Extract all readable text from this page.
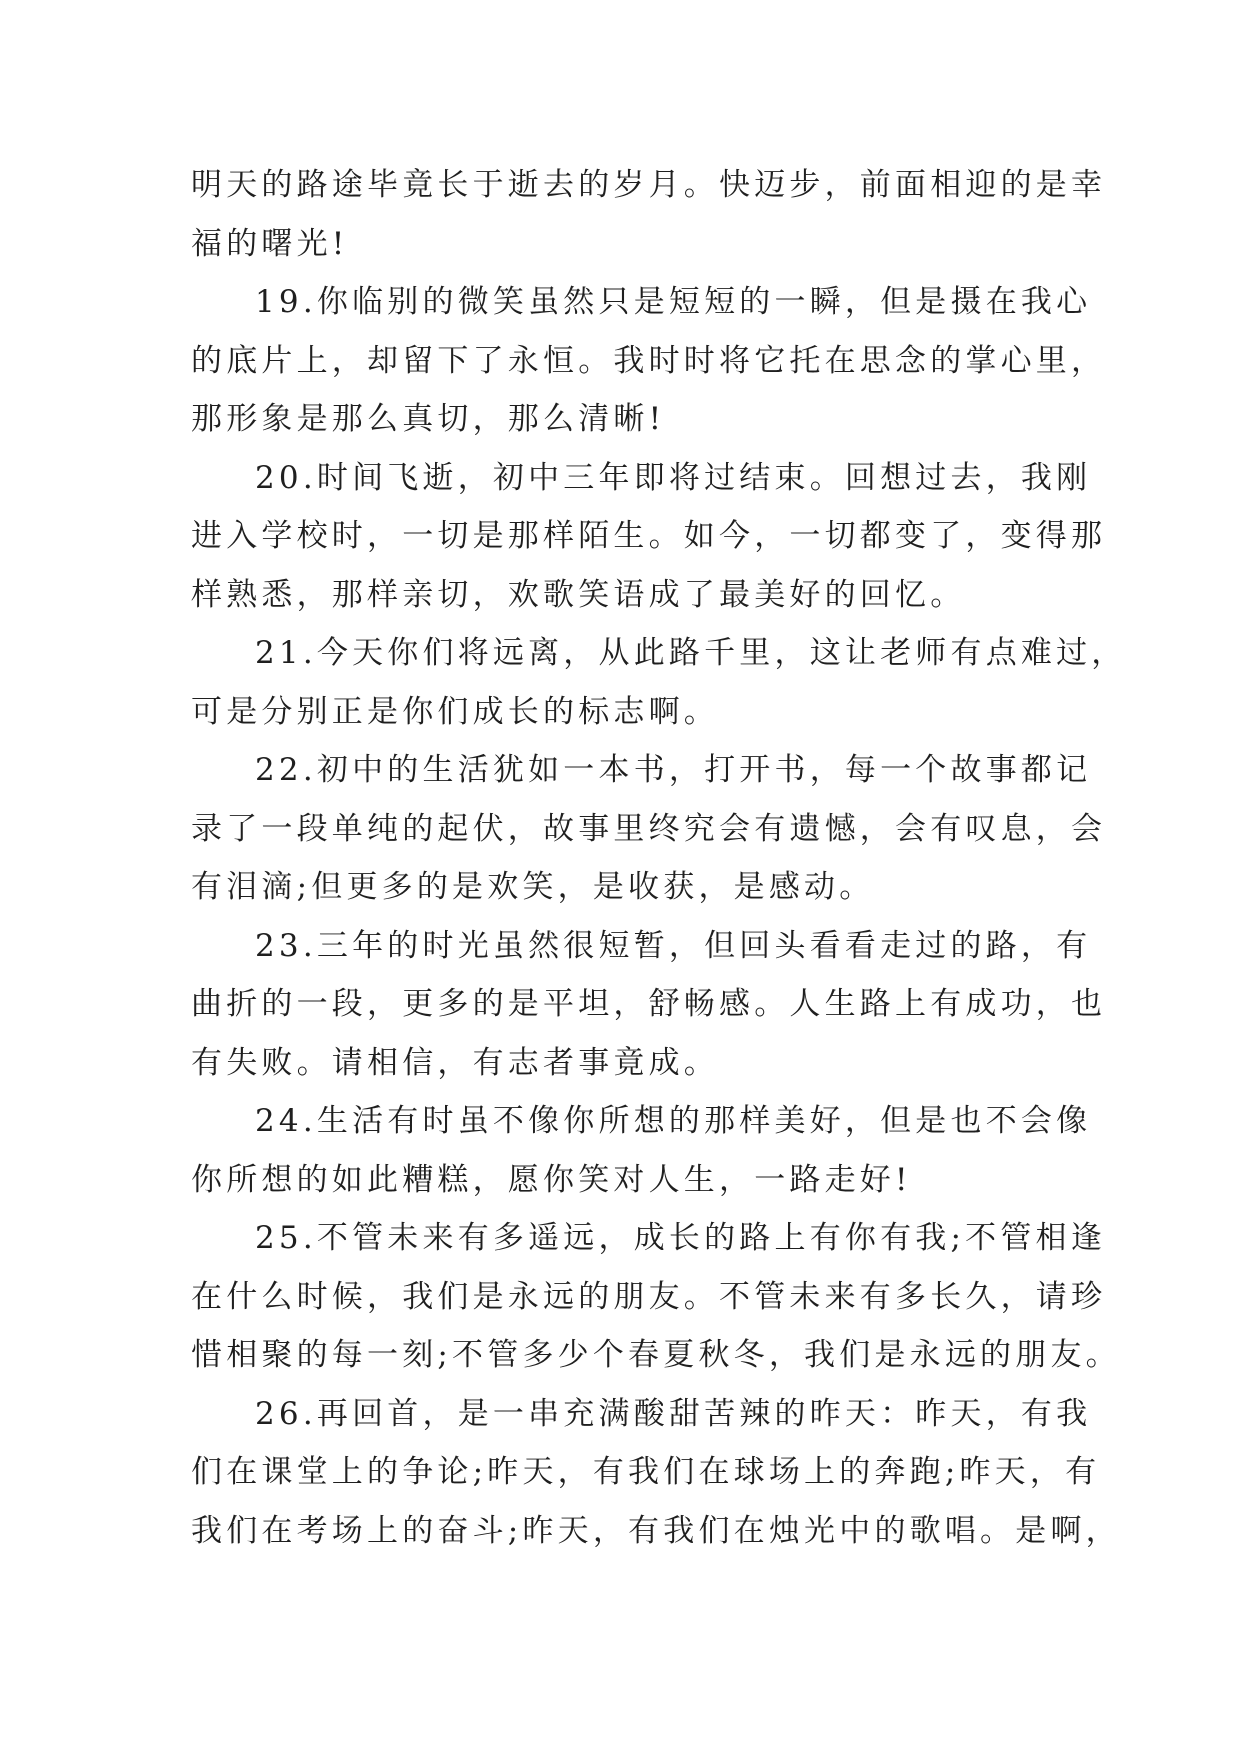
明天的路途毕竟长于逝去的岁月。快迈步，前面相迎的是幸
福的曙光!

19.你临别的微笑虽然只是短短的一瞬，但是摄在我心
的底片上，却留下了永恒。我时时将它托在思念的掌心里，
那形象是那么真切，那么清晰!

20.时间飞逝，初中三年即将过结束。回想过去，我刚
进入学校时，一切是那样陌生。如今，一切都变了，变得那
样熟悉，那样亲切，欢歌笑语成了最美好的回忆。

21.今天你们将远离，从此路千里，这让老师有点难过，
可是分别正是你们成长的标志啊。

22.初中的生活犹如一本书，打开书，每一个故事都记
录了一段单纯的起伏，故事里终究会有遗憾，会有叹息，会
有泪滴;但更多的是欢笑，是收获，是感动。

23.三年的时光虽然很短暂，但回头看看走过的路，有
曲折的一段，更多的是平坦，舒畅感。人生路上有成功，也
有失败。请相信，有志者事竟成。

24.生活有时虽不像你所想的那样美好，但是也不会像
你所想的如此糟糕，愿你笑对人生，一路走好!

25.不管未来有多遥远，成长的路上有你有我;不管相逢
在什么时候，我们是永远的朋友。不管未来有多长久，请珍
惜相聚的每一刻;不管多少个春夏秋冬，我们是永远的朋友。

26.再回首，是一串充满酸甜苦辣的昨天：昨天，有我
们在课堂上的争论;昨天，有我们在球场上的奔跑;昨天，有
我们在考场上的奋斗;昨天，有我们在烛光中的歌唱。是啊，
